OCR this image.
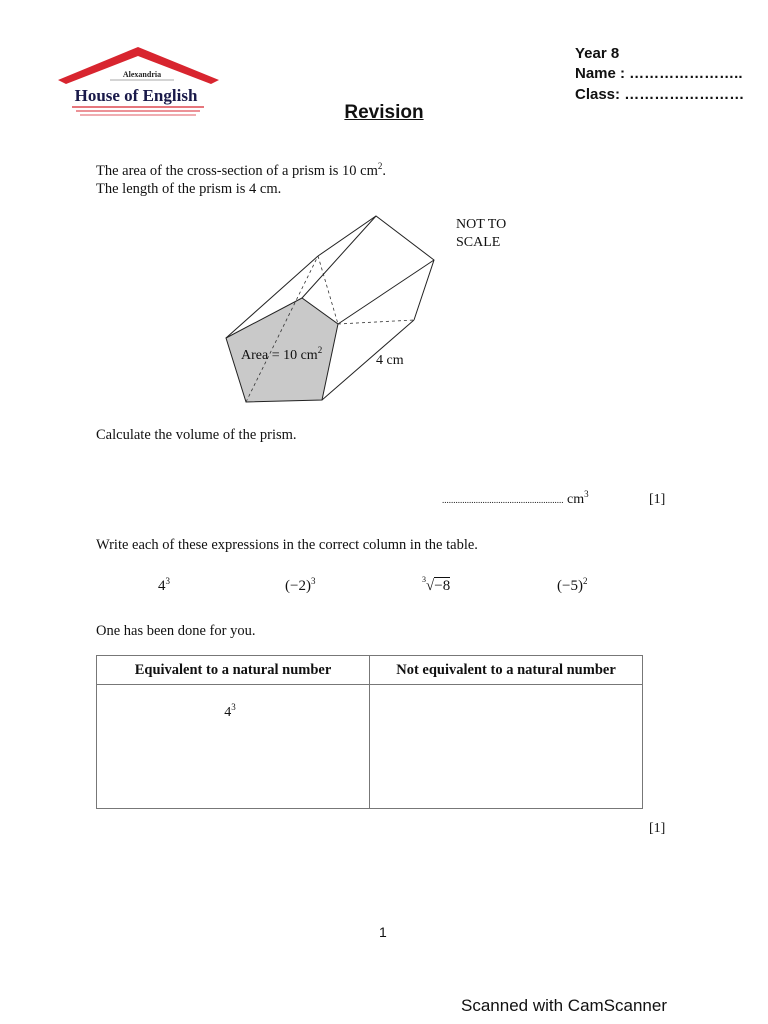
Alexandria
House of English
Year 8
Name : …………………..
Class: ……………………
Revision
The area of the cross-section of a prism is 10 $cm^2$.
The length of the prism is 4 cm.
Area = 10 $cm^2$
4 cm
NOT TO
SCALE
Calculate the volume of the prism.
...................................................... $cm^3$	[1]
Write each of these expressions in the correct column in the table.
$4^3$	$(-2)^3$	$^3$√−8	$(-5)^2$
One has been done for you.
Equivalent to a natural number	Not equivalent to a natural number

$4^3$

[1]
1
Scanned with CamScanner
